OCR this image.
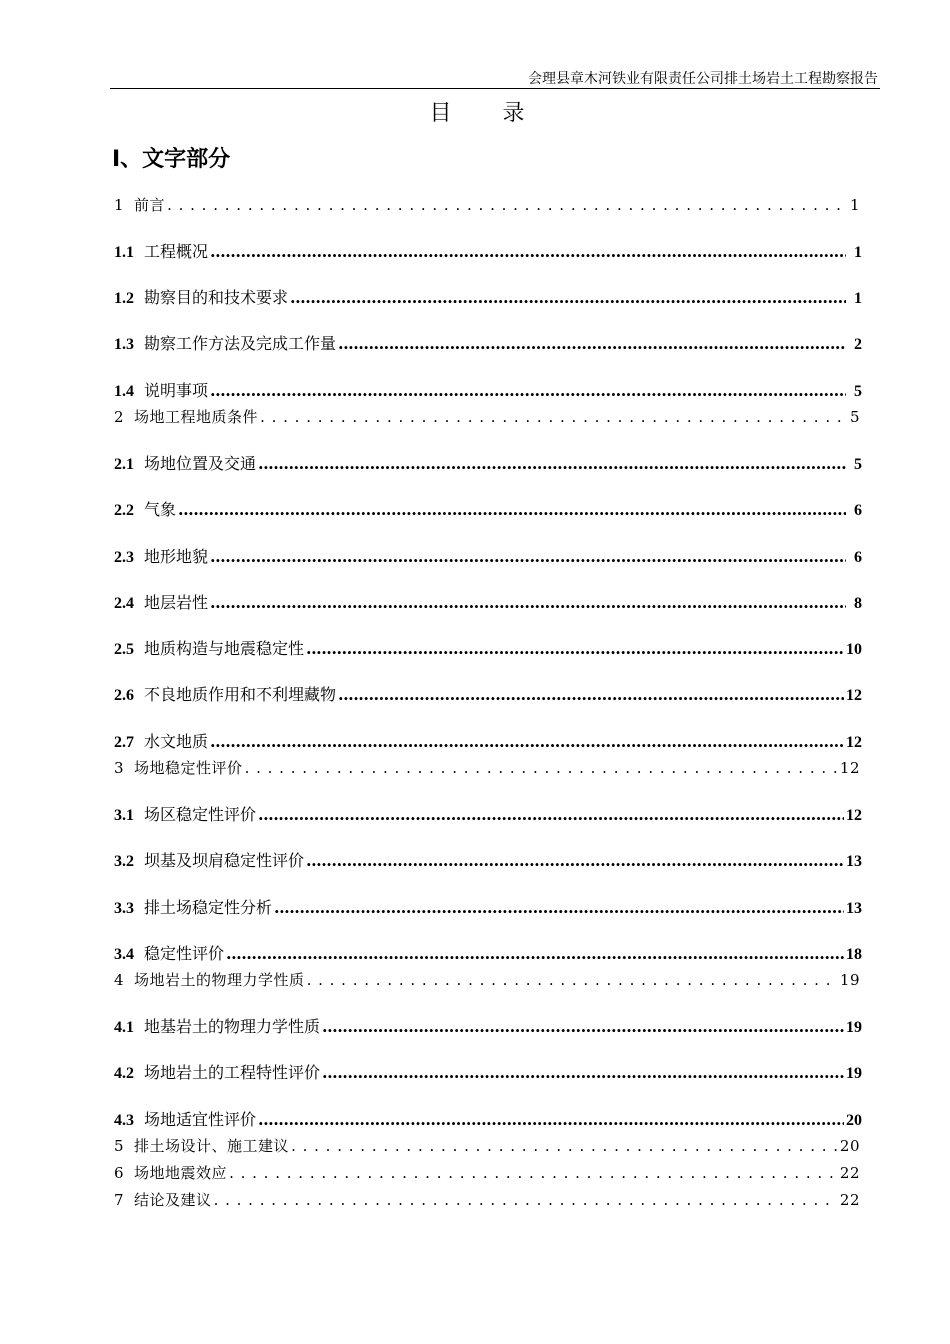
会理县章木河铁业有限责任公司排土场岩土工程勘察报告
目 录
Ⅰ、文字部分
1 前言 . . .	1
1.1 工程概况 .....	1
1.2 勘察目的和技术要求 .....	1
1.3 勘察工作方法及完成工作量 .....	2
1.4 说明事项 .....	5
2 场地工程地质条件 . . .	5
2.1 场地位置及交通 .....	5
2.2 气象 .....	6
2.3 地形地貌 .....	6
2.4 地层岩性 .....	8
2.5 地质构造与地震稳定性 .....	10
2.6 不良地质作用和不利埋藏物 .....	12
2.7 水文地质 .....	12
3 场地稳定性评价 . . .	12
3.1 场区稳定性评价 .....	12
3.2 坝基及坝肩稳定性评价 .....	13
3.3 排土场稳定性分析 .....	13
3.4 稳定性评价 .....	18
4 场地岩土的物理力学性质 . . .	19
4.1 地基岩土的物理力学性质 .....	19
4.2 场地岩土的工程特性评价 .....	19
4.3 场地适宜性评价 .....	20
5 排土场设计、施工建议 . . .	20
6 场地地震效应 . . .	22
7 结论及建议 . . .	22
